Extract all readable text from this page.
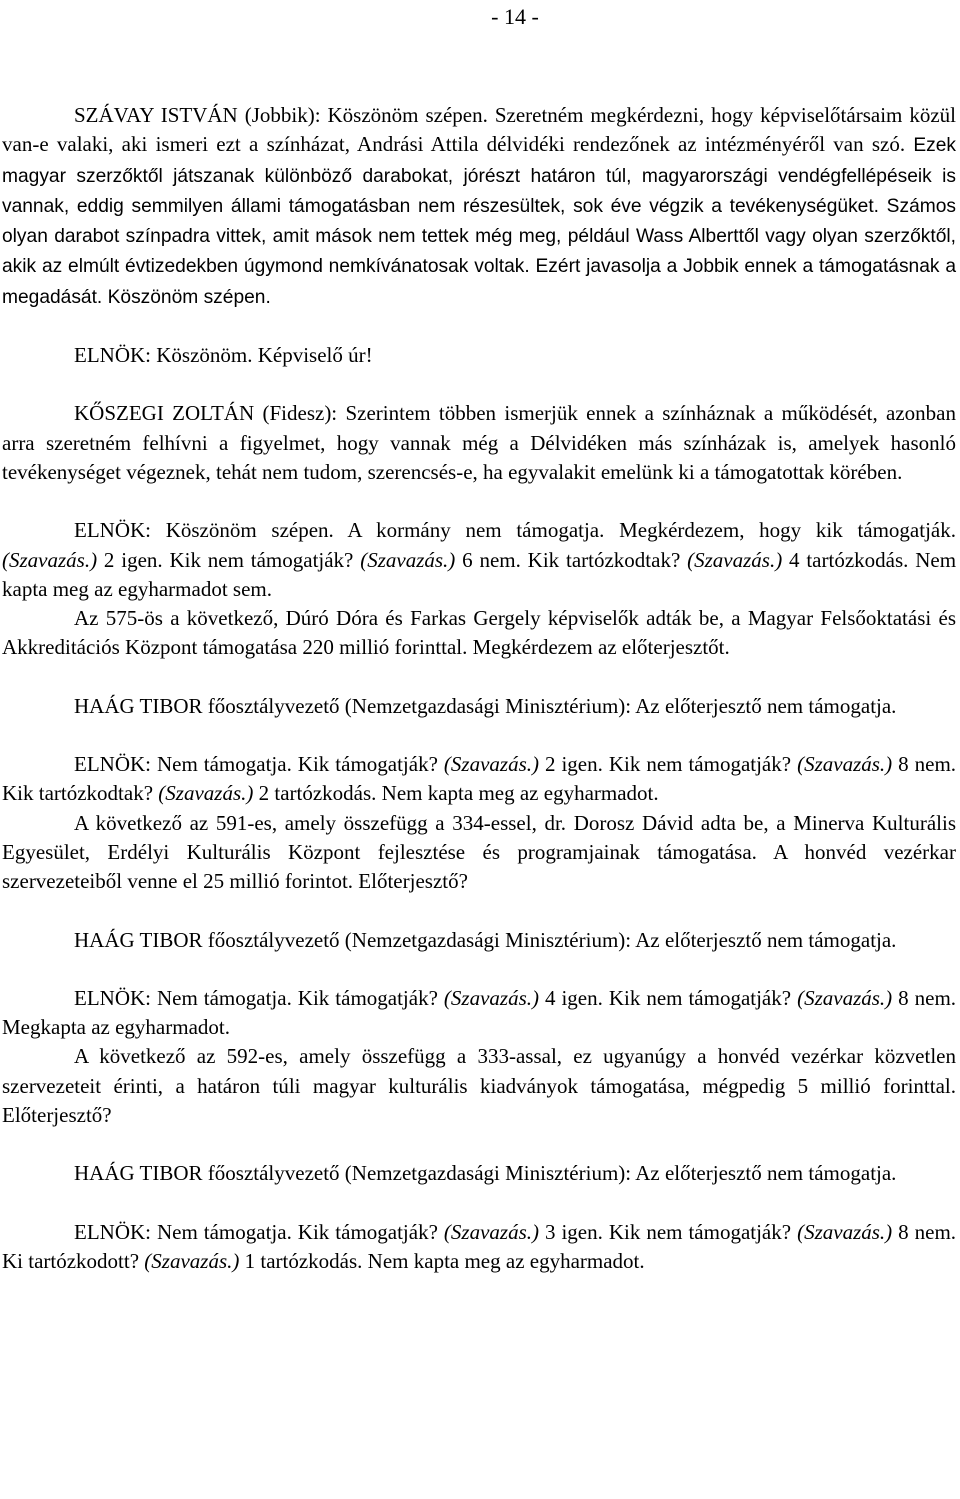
- 14 -

SZÁVAY ISTVÁN (Jobbik): Köszönöm szépen. Szeretném megkérdezni, hogy képviselőtársaim közül van-e valaki, aki ismeri ezt a színházat, Andrási Attila délvidéki rendezőnek az intézményéről van szó. Ezek magyar szerzőktől játszanak különböző darabokat, jórészt határon túl, magyarországi vendégfellépéseik is vannak, eddig semmilyen állami támogatásban nem részesültek, sok éve végzik a tevékenységüket. Számos olyan darabot színpadra vittek, amit mások nem tettek még meg, például Wass Alberttől vagy olyan szerzőktől, akik az elmúlt évtizedekben úgymond nemkívánatosak voltak. Ezért javasolja a Jobbik ennek a támogatásnak a megadását. Köszönöm szépen.

ELNÖK: Köszönöm. Képviselő úr!

KŐSZEGI ZOLTÁN (Fidesz): Szerintem többen ismerjük ennek a színháznak a működését, azonban arra szeretném felhívni a figyelmet, hogy vannak még a Délvidéken más színházak is, amelyek hasonló tevékenységet végeznek, tehát nem tudom, szerencsés-e, ha egyvalakit emelünk ki a támogatottak körében.

ELNÖK: Köszönöm szépen. A kormány nem támogatja. Megkérdezem, hogy kik támogatják. (Szavazás.) 2 igen. Kik nem támogatják? (Szavazás.) 6 nem. Kik tartózkodtak? (Szavazás.) 4 tartózkodás. Nem kapta meg az egyharmadot sem.

Az 575-ös a következő, Dúró Dóra és Farkas Gergely képviselők adták be, a Magyar Felsőoktatási és Akkreditációs Központ támogatása 220 millió forinttal. Megkérdezem az előterjesztőt.

HAÁG TIBOR főosztályvezető (Nemzetgazdasági Minisztérium): Az előterjesztő nem támogatja.

ELNÖK: Nem támogatja. Kik támogatják? (Szavazás.) 2 igen. Kik nem támogatják? (Szavazás.) 8 nem. Kik tartózkodtak? (Szavazás.) 2 tartózkodás. Nem kapta meg az egyharmadot.

A következő az 591-es, amely összefügg a 334-essel, dr. Dorosz Dávid adta be, a Minerva Kulturális Egyesület, Erdélyi Kulturális Központ fejlesztése és programjainak támogatása. A honvéd vezérkar szervezeteiből venne el 25 millió forintot. Előterjesztő?

HAÁG TIBOR főosztályvezető (Nemzetgazdasági Minisztérium): Az előterjesztő nem támogatja.

ELNÖK: Nem támogatja. Kik támogatják? (Szavazás.) 4 igen. Kik nem támogatják? (Szavazás.) 8 nem. Megkapta az egyharmadot.

A következő az 592-es, amely összefügg a 333-assal, ez ugyanúgy a honvéd vezérkar közvetlen szervezeteit érinti, a határon túli magyar kulturális kiadványok támogatása, mégpedig 5 millió forinttal. Előterjesztő?

HAÁG TIBOR főosztályvezető (Nemzetgazdasági Minisztérium): Az előterjesztő nem támogatja.

ELNÖK: Nem támogatja. Kik támogatják? (Szavazás.) 3 igen. Kik nem támogatják? (Szavazás.) 8 nem. Ki tartózkodott? (Szavazás.) 1 tartózkodás. Nem kapta meg az egyharmadot.
